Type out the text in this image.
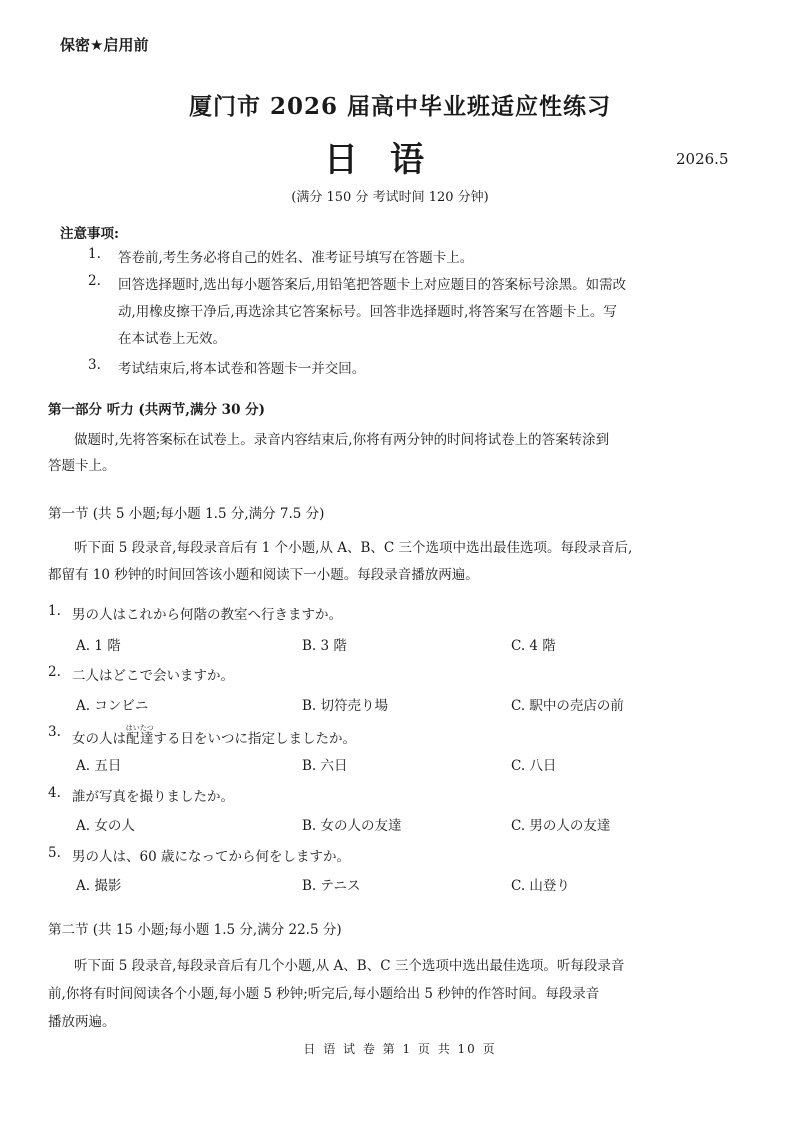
保密★启用前
厦门市 2026 届高中毕业班适应性练习
日语	2026.5
(满分 150 分 考试时间 120 分钟)
注意事项:
1. 答卷前,考生务必将自己的姓名、准考证号填写在答题卡上。
2. 回答选择题时,选出每小题答案后,用铅笔把答题卡上对应题目的答案标号涂黑。如需改
动,用橡皮擦干净后,再选涂其它答案标号。回答非选择题时,将答案写在答题卡上。写
在本试卷上无效。
3. 考试结束后,将本试卷和答题卡一并交回。
第一部分 听力 (共两节,满分 30 分)
做题时,先将答案标在试卷上。录音内容结束后,你将有两分钟的时间将试卷上的答案转涂到
答题卡上。
第一节 (共 5 小题;每小题 1.5 分,满分 7.5 分)
听下面 5 段录音,每段录音后有 1 个小题,从 A、B、C 三个选项中选出最佳选项。每段录音后,
都留有 10 秒钟的时间回答该小题和阅读下一小题。每段录音播放两遍。
1. 男の人はこれから何階の教室へ行きますか。
A. 1 階	B. 3 階	C. 4 階
2. 二人はどこで会いますか。
A. コンビニ	B. 切符売り場	C. 駅中の売店の前
3. 女の人は配達はいたつする日をいつに指定しましたか。
A. 五日	B. 六日	C. 八日
4. 誰が写真を撮りましたか。
A. 女の人	B. 女の人の友達	C. 男の人の友達
5. 男の人は、60 歳になってから何をしますか。
A. 撮影	B. テニス	C. 山登り
第二节 (共 15 小题;每小题 1.5 分,满分 22.5 分)
听下面 5 段录音,每段录音后有几个小题,从 A、B、C 三个选项中选出最佳选项。听每段录音
前,你将有时间阅读各个小题,每小题 5 秒钟;听完后,每小题给出 5 秒钟的作答时间。每段录音
播放两遍。
日 语 试 卷 第 1 页 共 10 页
